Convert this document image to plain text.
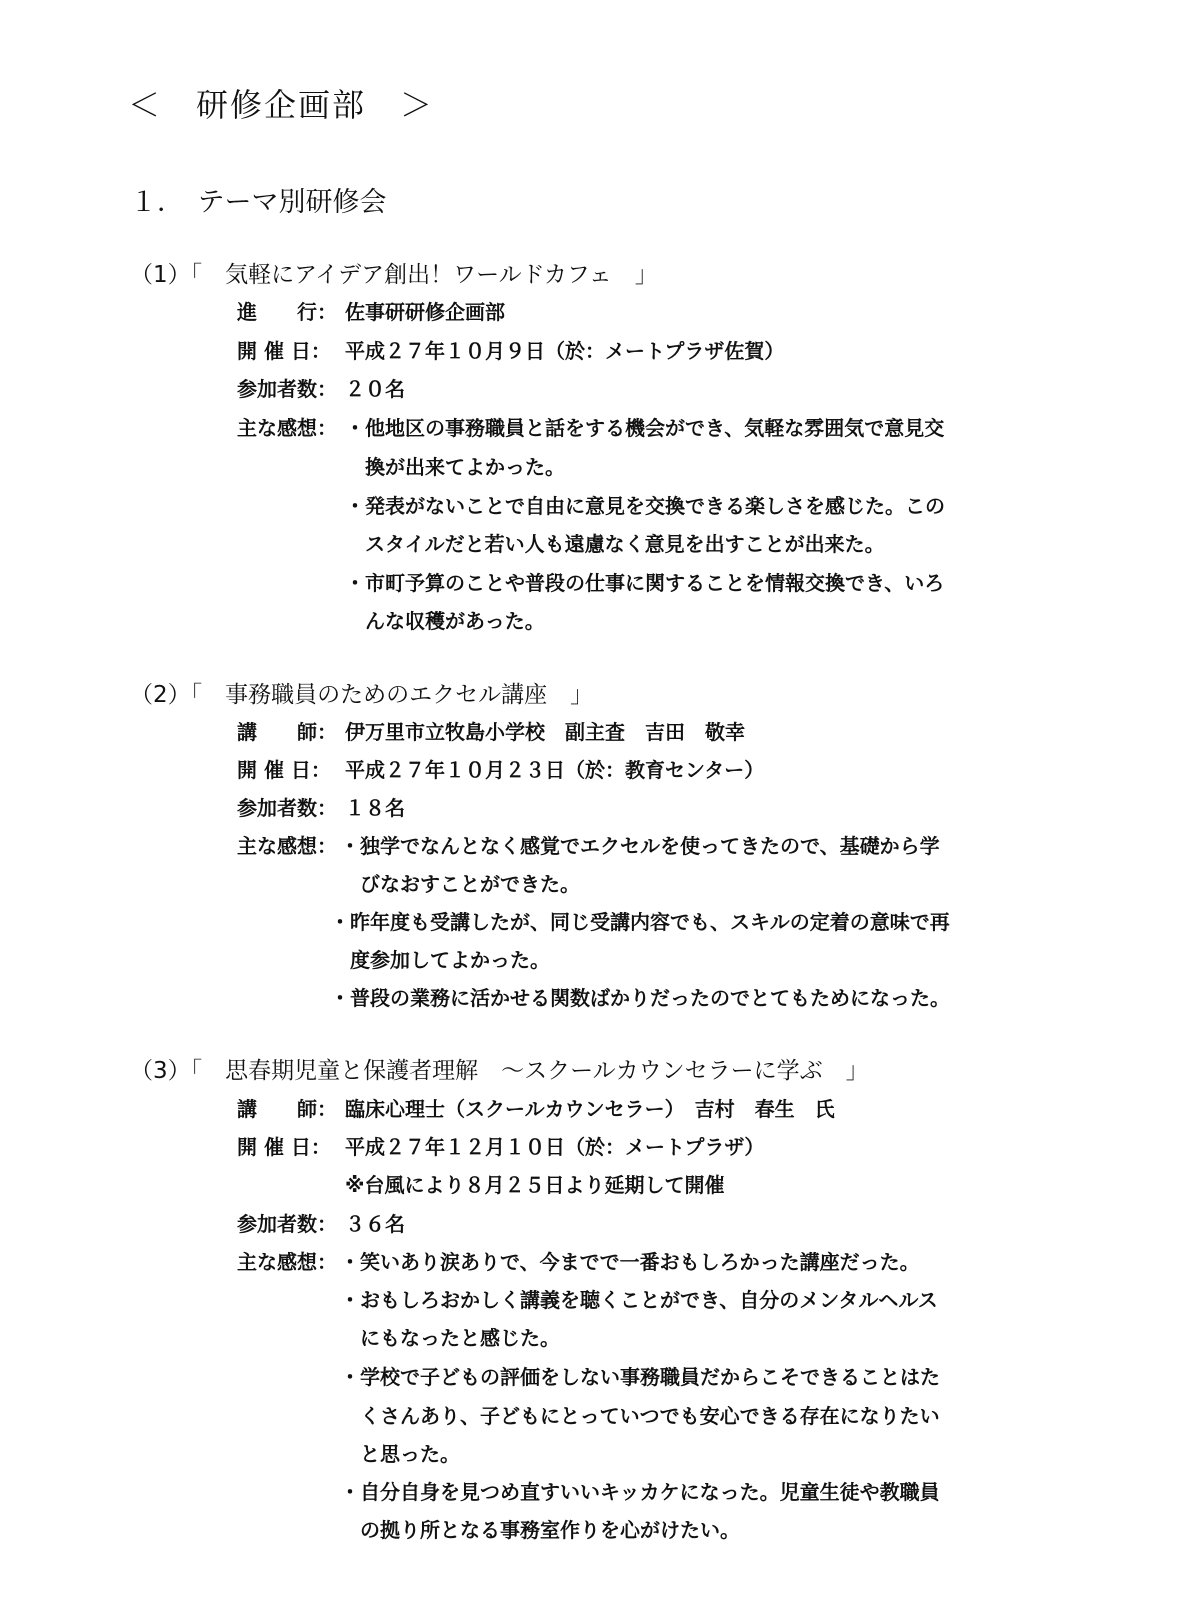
＜　研修企画部　＞
１．　テーマ別研修会
（1）「　気軽にアイデア創出！ワールドカフェ　」
進　　行： 佐事研研修企画部
開 催 日： 平成２７年１０月９日（於：メートプラザ佐賀）
参加者数： ２０名
主な感想： ・他地区の事務職員と話をする機会ができ、気軽な雰囲気で意見交
　換が出来てよかった。
・発表がないことで自由に意見を交換できる楽しさを感じた。この
　スタイルだと若い人も遠慮なく意見を出すことが出来た。
・市町予算のことや普段の仕事に関することを情報交換でき、いろ
　んな収穫があった。
（2）「　事務職員のためのエクセル講座　」
講　　師： 伊万里市立牧島小学校　副主査　吉田　敬幸
開 催 日： 平成２７年１０月２３日（於：教育センター）
参加者数： １８名
主な感想： ・独学でなんとなく感覚でエクセルを使ってきたので、基礎から学
　びなおすことができた。
・昨年度も受講したが、同じ受講内容でも、スキルの定着の意味で再
　度参加してよかった。
・普段の業務に活かせる関数ばかりだったのでとてもためになった。
（3）「　思春期児童と保護者理解　～スクールカウンセラーに学ぶ　」
講　　師： 臨床心理士（スクールカウンセラー）　吉村　春生　氏
開 催 日： 平成２７年１２月１０日（於：メートプラザ）
※台風により８月２５日より延期して開催
参加者数： ３６名
主な感想： ・笑いあり涙ありで、今までで一番おもしろかった講座だった。
・おもしろおかしく講義を聴くことができ、自分のメンタルヘルス
　にもなったと感じた。
・学校で子どもの評価をしない事務職員だからこそできることはた
　くさんあり、子どもにとっていつでも安心できる存在になりたい
　と思った。
・自分自身を見つめ直すいいキッカケになった。児童生徒や教職員
　の拠り所となる事務室作りを心がけたい。
